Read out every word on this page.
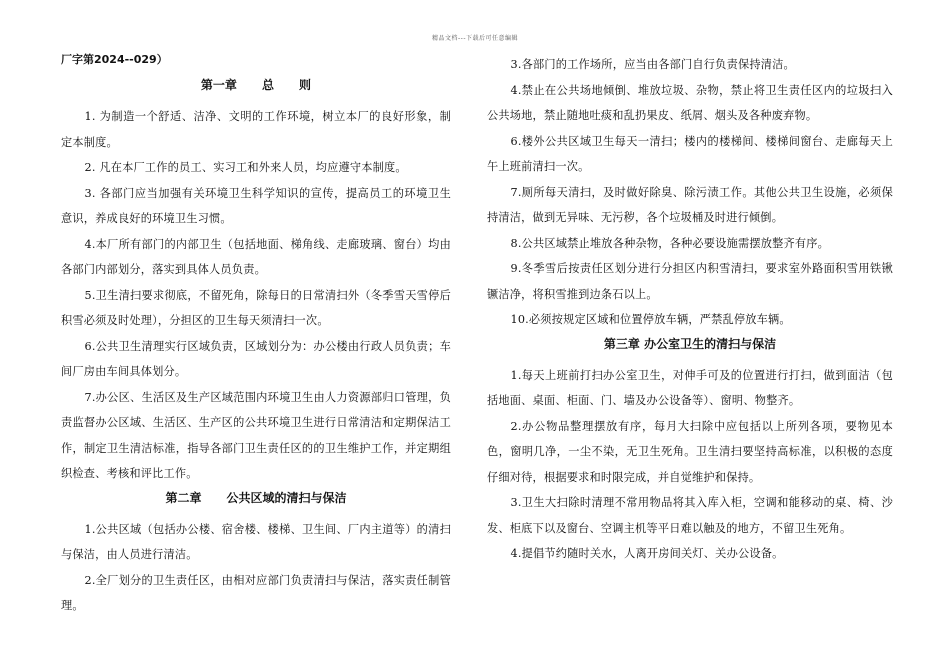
精品文档---下载后可任意编辑
厂字第2024--029）
第一章      总      则

1. 为制造一个舒适、洁净、文明的工作环境，树立本厂的良好形象，制定本制度。

2. 凡在本厂工作的员工、实习工和外来人员，均应遵守本制度。

3. 各部门应当加强有关环境卫生科学知识的宣传，提高员工的环境卫生意识，养成良好的环境卫生习惯。

4.本厂所有部门的内部卫生（包括地面、梯角线、走廊玻璃、窗台）均由各部门内部划分，落实到具体人员负责。

5.卫生清扫要求彻底，不留死角，除每日的日常清扫外（冬季雪天雪停后积雪必须及时处理），分担区的卫生每天须清扫一次。

6.公共卫生清理实行区域负责，区域划分为：办公楼由行政人员负责；车间厂房由车间具体划分。

7.办公区、生活区及生产区域范围内环境卫生由人力资源部归口管理，负责监督办公区域、生活区、生产区的公共环境卫生进行日常清洁和定期保洁工作，制定卫生清洁标准，指导各部门卫生责任区的的卫生维护工作，并定期组织检查、考核和评比工作。

第二章      公共区域的清扫与保洁

1.公共区域（包括办公楼、宿舍楼、楼梯、卫生间、厂内主道等）的清扫与保洁，由人员进行清洁。

2.全厂划分的卫生责任区，由相对应部门负责清扫与保洁，落实责任制管理。

3.各部门的工作场所，应当由各部门自行负责保持清洁。

4.禁止在公共场地倾倒、堆放垃圾、杂物，禁止将卫生责任区内的垃圾扫入公共场地，禁止随地吐痰和乱扔果皮、纸屑、烟头及各种废弃物。

6.楼外公共区域卫生每天一清扫；楼内的楼梯间、楼梯间窗台、走廊每天上午上班前清扫一次。

7.厕所每天清扫，及时做好除臭、除污渍工作。其他公共卫生设施，必须保持清洁，做到无异味、无污秽，各个垃圾桶及时进行倾倒。

8.公共区域禁止堆放各种杂物，各种必要设施需摆放整齐有序。

9.冬季雪后按责任区划分进行分担区内积雪清扫，要求室外路面积雪用铁锹镢洁净，将积雪推到边条石以上。

10.必须按规定区域和位置停放车辆，严禁乱停放车辆。

第三章 办公室卫生的清扫与保洁

1.每天上班前打扫办公室卫生，对伸手可及的位置进行打扫，做到面洁（包括地面、桌面、柜面、门、墙及办公设备等）、窗明、物整齐。

2.办公物品整理摆放有序，每月大扫除中应包括以上所列各项，要物见本色，窗明几净，一尘不染，无卫生死角。卫生清扫要坚持高标准，以积极的态度仔细对待，根据要求和时限完成，并自觉维护和保持。

3.卫生大扫除时清理不常用物品将其入库入柜，空调和能移动的桌、椅、沙发、柜底下以及窗台、空调主机等平日难以触及的地方，不留卫生死角。

4.提倡节约随时关水，人离开房间关灯、关办公设备。
